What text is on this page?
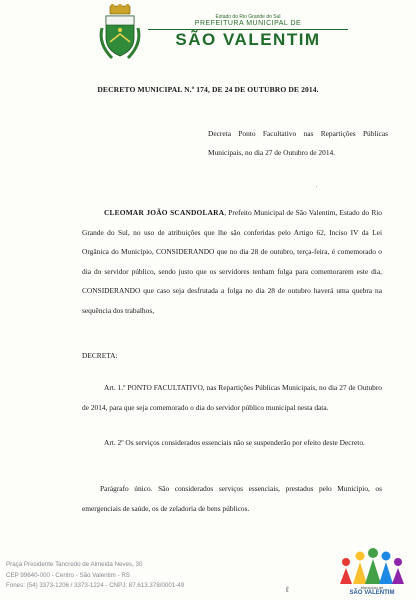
Estado do Rio Grande do Sul
PREFEITURA MUNICIPAL DE
SÃO VALENTIM
DECRETO MUNICIPAL N.º 174, DE 24 DE OUTUBRO DE 2014.
Decreta Ponto Facultativo nas Repartições Públicas Municipais, no dia 27 de Outubro de 2014.
'
CLEOMAR JOÃO SCANDOLARA, Prefeito Municipal de São Valentim, Estado do Rio Grande do Sul, no uso de atribuições que lhe são conferidas pelo Artigo 62, Inciso IV da Lei Orgânica do Município, CONSIDERANDO que no dia 28 de outubro, terça-feira, é comemorado o dia do servidor público, sendo justo que os servidores tenham folga para comemorarem este dia, CONSIDERANDO que caso seja desfrutada a folga no dia 28 de outubro haverá uma quebra na sequência dos trabalhos,
DECRETA:
Art. 1.º PONTO FACULTATIVO, nas Repartições Públicas Municipais, no dia 27 de Outubro de 2014, para que seja comemorado o dia do servidor público municipal nesta data.
Art. 2º Os serviços considerados essenciais não se suspenderão por efeito deste Decreto.
Parágrafo único. São considerados serviços essenciais, prestados pelo Município, os emergenciais de saúde, os de zeladoria de bens públicos.
Praça Presidente Tancredo de Almeida Neves, 30
CEP 99640-000 - Centro - São Valentim - RS
Fones: (54) 3373-1206 / 3373-1224 - CNPJ: 87.613.378/0001-49	ℓ	Município de
SÃO VALENTIM
